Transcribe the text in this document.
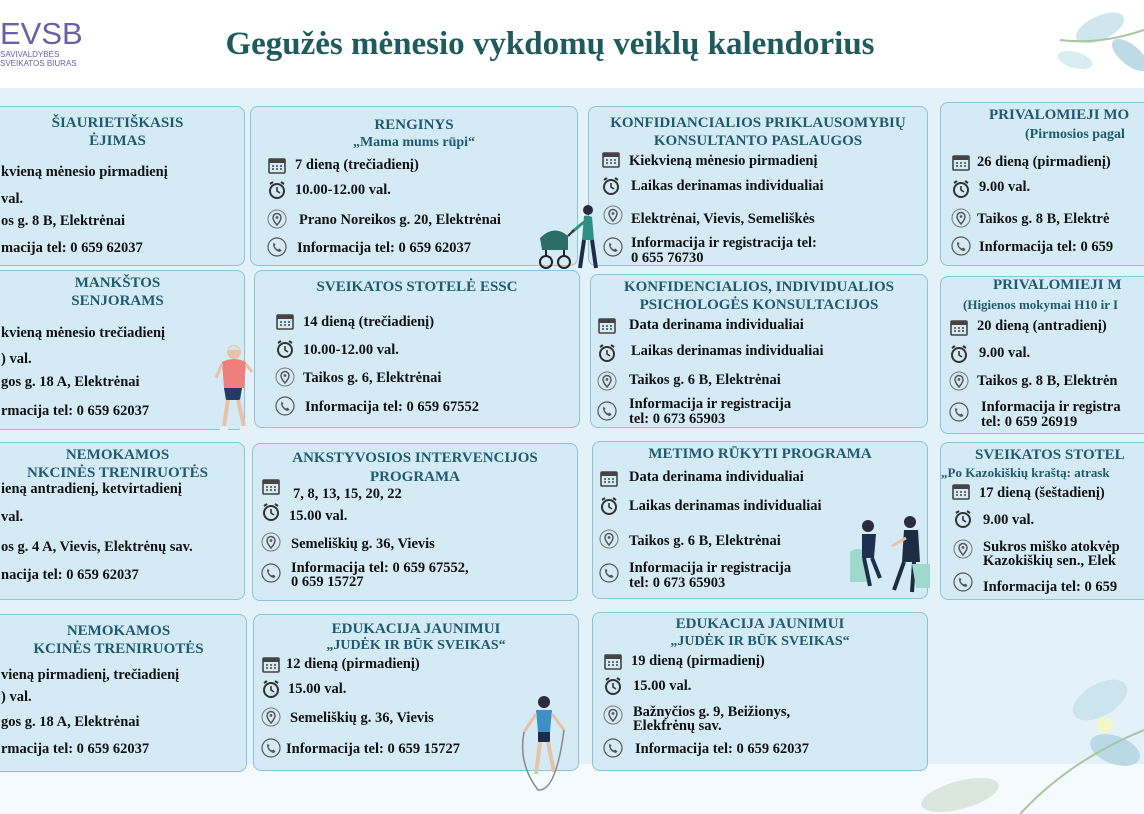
EVSB
SAVIVALDYBĖS
SVEIKATOS BIURAS
Gegužės mėnesio vykdomų veiklų kalendorius
ŠIAURIETIŠKASIS
ĖJIMAS
kvieną mėnesio pirmadienį
val.
os g. 8 B, Elektrėnai
macija tel: 0 659 62037
MANKŠTOS
SENJORAMS
kvieną mėnesio trečiadienį
) val.
gos g. 18 A, Elektrėnai
rmacija tel: 0 659 62037
NEMOKAMOS
NKCINĖS TRENIRUOTĖS
ieną antradienį, ketvirtadienį
val.
os g. 4 A, Vievis, Elektrėnų sav.
nacija tel: 0 659 62037
NEMOKAMOS
KCINĖS TRENIRUOTĖS
vieną pirmadienį, trečiadienį
) val.
gos g. 18 A, Elektrėnai
rmacija tel: 0 659 62037
RENGINYS
„Mama mums rūpi“
7 dieną (trečiadienį)
10.00-12.00 val.
Prano Noreikos g. 20, Elektrėnai
Informacija tel: 0 659 62037
SVEIKATOS STOTELĖ ESSC
14 dieną (trečiadienį)
10.00-12.00 val.
Taikos g. 6, Elektrėnai
Informacija tel: 0 659 67552
ANKSTYVOSIOS INTERVENCIJOS
PROGRAMA
7, 8, 13, 15, 20, 22
15.00 val.
Semeliškių g. 36, Vievis
Informacija tel: 0 659 67552,
0 659 15727
EDUKACIJA JAUNIMUI
„JUDĖK IR BŪK SVEIKAS“
12 dieną (pirmadienį)
15.00 val.
Semeliškių g. 36, Vievis
Informacija tel: 0 659 15727
KONFIDIANCIALIOS PRIKLAUSOMYBIŲ
KONSULTANTO PASLAUGOS
Kiekvieną mėnesio pirmadienį
Laikas derinamas individualiai
Elektrėnai, Vievis, Semeliškės
Informacija ir registracija tel:
0 655 76730
KONFIDENCIALIOS, INDIVIDUALIOS
PSICHOLOGĖS KONSULTACIJOS
Data derinama individualiai
Laikas derinamas individualiai
Taikos g. 6 B, Elektrėnai
Informacija ir registracija
tel: 0 673 65903
METIMO RŪKYTI PROGRAMA
Data derinama individualiai
Laikas derinamas individualiai
Taikos g. 6 B, Elektrėnai
Informacija ir registracija
tel: 0 673 65903
EDUKACIJA JAUNIMUI
„JUDĖK IR BŪK SVEIKAS“
19 dieną (pirmadienį)
15.00 val.
Bažnyčios g. 9, Beižionys,
Elekfrėnų sav.
Informacija tel: 0 659 62037
PRIVALOMIEJI MO
(Pirmosios pagal
26 dieną (pirmadienį)
9.00 val.
Taikos g. 8 B, Elektrė
Informacija tel: 0 659
PRIVALOMIEJI M
(Higienos mokymai H10 ir I
20 dieną (antradienį)
9.00 val.
Taikos g. 8 B, Elektrėn
Informacija ir registra
tel: 0 659 26919
SVEIKATOS STOTEL
„Po Kazokiškių kraštą: atrask
17 dieną (šeštadienį)
9.00 val.
Sukros miško atokvėp
Kazokiškių sen., Elek
Informacija tel: 0 659
